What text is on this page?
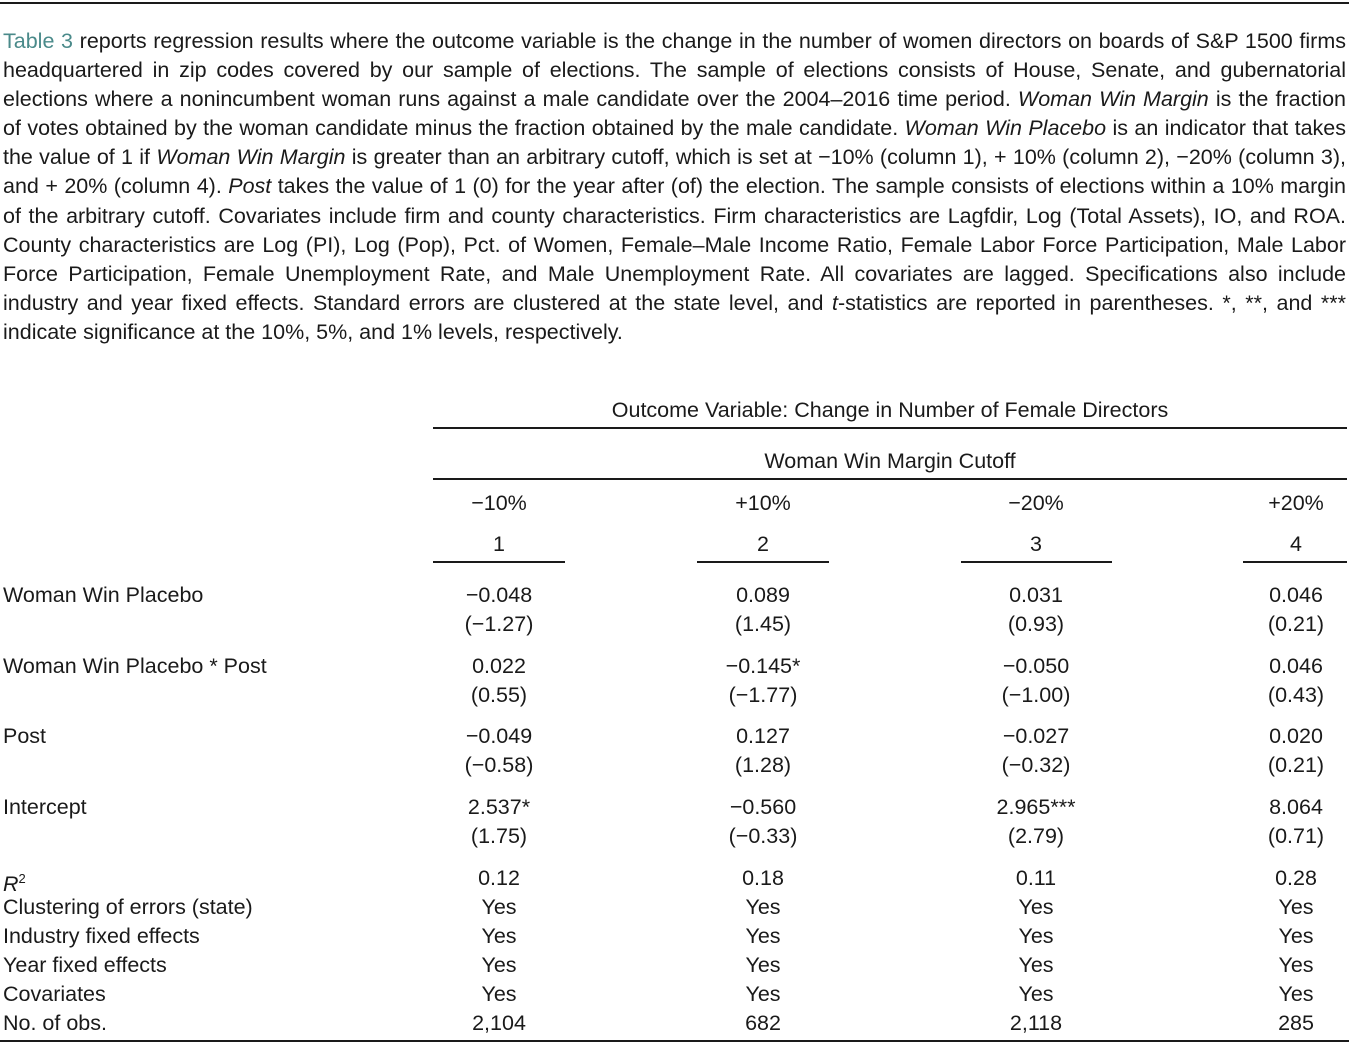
Table 3 reports regression results where the outcome variable is the change in the number of women directors on boards of S&P 1500 firms headquartered in zip codes covered by our sample of elections. The sample of elections consists of House, Senate, and gubernatorial elections where a nonincumbent woman runs against a male candidate over the 2004–2016 time period. Woman Win Margin is the fraction of votes obtained by the woman candidate minus the fraction obtained by the male candidate. Woman Win Placebo is an indicator that takes the value of 1 if Woman Win Margin is greater than an arbitrary cutoff, which is set at −10% (column 1), + 10% (column 2), −20% (column 3), and + 20% (column 4). Post takes the value of 1 (0) for the year after (of) the election. The sample consists of elections within a 10% margin of the arbitrary cutoff. Covariates include firm and county characteristics. Firm characteristics are Lagfdir, Log (Total Assets), IO, and ROA. County characteristics are Log (PI), Log (Pop), Pct. of Women, Female–Male Income Ratio, Female Labor Force Participation, Male Labor Force Participation, Female Unemployment Rate, and Male Unemployment Rate. All covariates are lagged. Specifications also include industry and year fixed effects. Standard errors are clustered at the state level, and t-statistics are reported in parentheses. *, **, and *** indicate significance at the 10%, 5%, and 1% levels, respectively.
Outcome Variable: Change in Number of Female Directors
Woman Win Margin Cutoff
−10%	+10%	−20%	+20%
1	2	3	4
Woman Win Placebo	−0.048	0.089	0.031	0.046
(−1.27)	(1.45)	(0.93)	(0.21)
Woman Win Placebo * Post	0.022	−0.145*	−0.050	0.046
(0.55)	(−1.77)	(−1.00)	(0.43)
Post	−0.049	0.127	−0.027	0.020
(−0.58)	(1.28)	(−0.32)	(0.21)
Intercept	2.537*	−0.560	2.965***	8.064
(1.75)	(−0.33)	(2.79)	(0.71)
$R^2$	0.12	0.18	0.11	0.28
Clustering of errors (state)	Yes	Yes	Yes	Yes
Industry fixed effects	Yes	Yes	Yes	Yes
Year fixed effects	Yes	Yes	Yes	Yes
Covariates	Yes	Yes	Yes	Yes
No. of obs.	2,104	682	2,118	285
